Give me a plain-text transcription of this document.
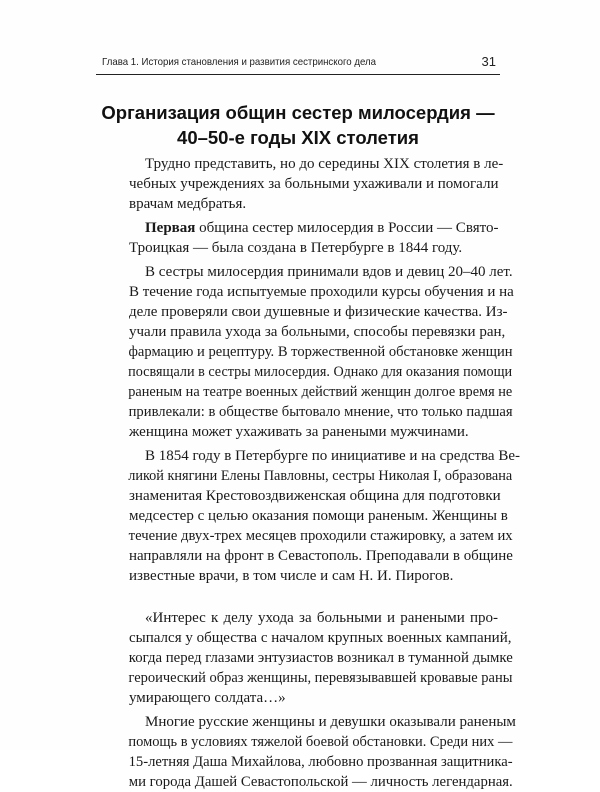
Глава 1. История становления и развития сестринского дела	31
Организация общин сестер милосердия —
40–50-е годы XIX столетия

Трудно представить, но до середины XIX столетия в ле-
чебных учреждениях за больными ухаживали и помогали
врачам медбратья.

Первая община сестер милосердия в России — Свято-
Троицкая — была создана в Петербурге в 1844 году.

В сестры милосердия принимали вдов и девиц 20–40 лет.
В течение года испытуемые проходили курсы обучения и на
деле проверяли свои душевные и физические качества. Из-
учали правила ухода за больными, способы перевязки ран,
фармацию и рецептуру. В торжественной обстановке женщин
посвящали в сестры милосердия. Однако для оказания помощи
раненым на театре военных действий женщин долгое время не
привлекали: в обществе бытовало мнение, что только падшая
женщина может ухаживать за ранеными мужчинами.

В 1854 году в Петербурге по инициативе и на средства Ве-
ликой княгини Елены Павловны, сестры Николая I, образована
знаменитая Крестовоздвиженская община для подготовки
медсестер с целью оказания помощи раненым. Женщины в
течение двух-трех месяцев проходили стажировку, а затем их
направляли на фронт в Севастополь. Преподавали в общине
известные врачи, в том числе и сам Н. И. Пирогов.

«Интерес к делу ухода за больными и ранеными про-
сыпался у общества с началом крупных военных кампаний,
когда перед глазами энтузиастов возникал в туманной дымке
героический образ женщины, перевязывавшей кровавые раны
умирающего солдата…»

Многие русские женщины и девушки оказывали раненым
помощь в условиях тяжелой боевой обстановки. Среди них —
15-летняя Даша Михайлова, любовно прозванная защитника-
ми города Дашей Севастопольской — личность легендарная.
